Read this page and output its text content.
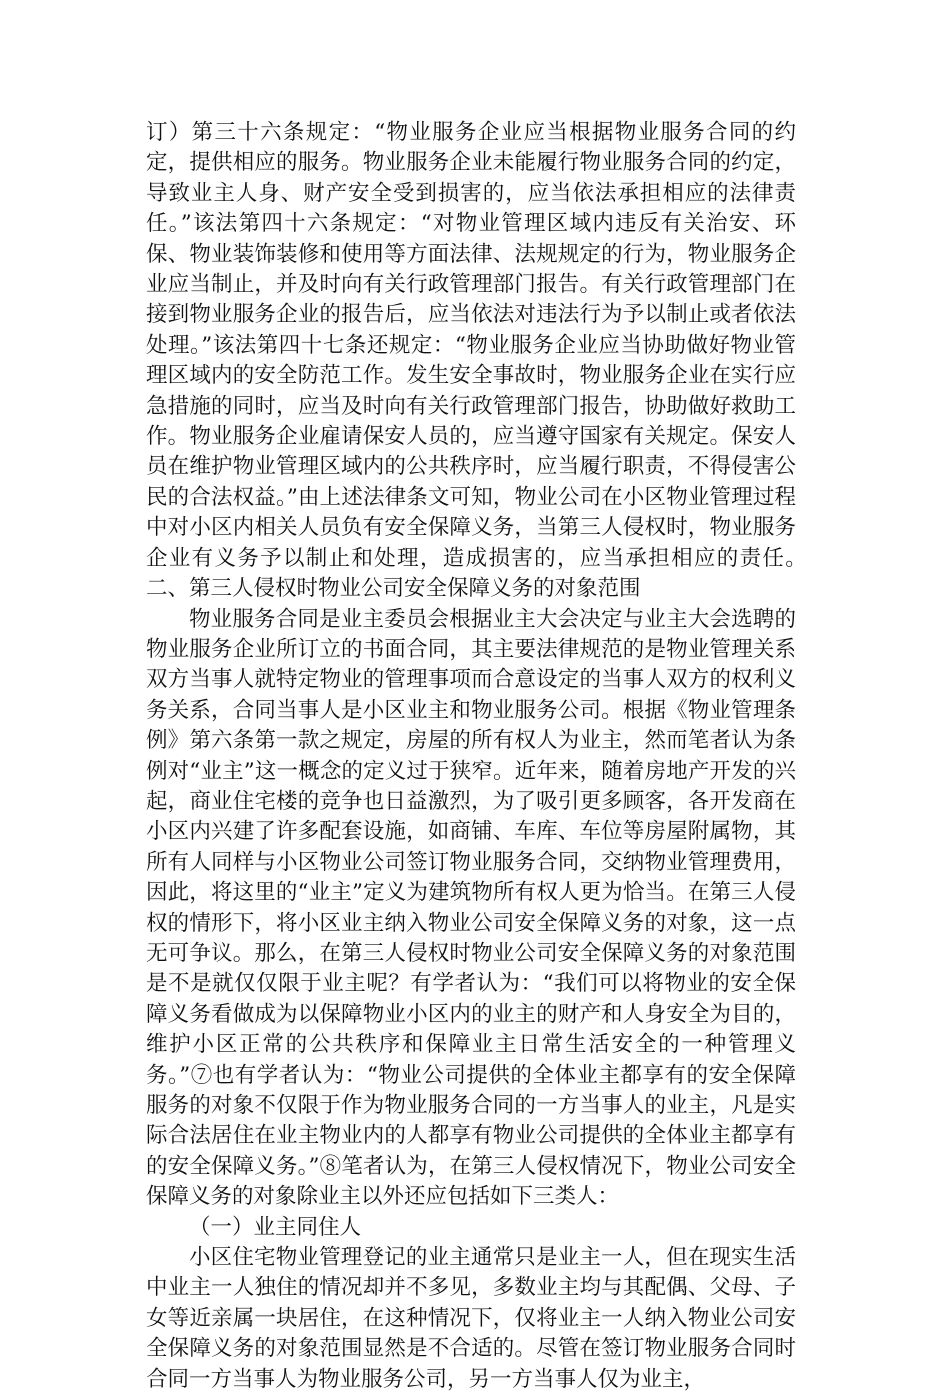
订）第三十六条规定：“物业服务企业应当根据物业服务合同的约定，提供相应的服务。物业服务企业未能履行物业服务合同的约定，导致业主人身、财产安全受到损害的，应当依法承担相应的法律责任。”该法第四十六条规定：“对物业管理区域内违反有关治安、环保、物业装饰装修和使用等方面法律、法规规定的行为，物业服务企业应当制止，并及时向有关行政管理部门报告。有关行政管理部门在接到物业服务企业的报告后，应当依法对违法行为予以制止或者依法处理。”该法第四十七条还规定：“物业服务企业应当协助做好物业管理区域内的安全防范工作。发生安全事故时，物业服务企业在实行应急措施的同时，应当及时向有关行政管理部门报告，协助做好救助工作。物业服务企业雇请保安人员的，应当遵守国家有关规定。保安人员在维护物业管理区域内的公共秩序时，应当履行职责，不得侵害公民的合法权益。”由上述法律条文可知，物业公司在小区物业管理过程中对小区内相关人员负有安全保障义务，当第三人侵权时，物业服务企业有义务予以制止和处理，造成损害的，应当承担相应的责任。　　　　　二、第三人侵权时物业公司安全保障义务的对象范围

物业服务合同是业主委员会根据业主大会决定与业主大会选聘的物业服务企业所订立的书面合同，其主要法律规范的是物业管理关系双方当事人就特定物业的管理事项而合意设定的当事人双方的权利义务关系，合同当事人是小区业主和物业服务公司。根据《物业管理条例》第六条第一款之规定，房屋的所有权人为业主，然而笔者认为条例对“业主”这一概念的定义过于狭窄。近年来，随着房地产开发的兴起，商业住宅楼的竞争也日益激烈，为了吸引更多顾客，各开发商在小区内兴建了许多配套设施，如商铺、车库、车位等房屋附属物，其所有人同样与小区物业公司签订物业服务合同，交纳物业管理费用，因此，将这里的“业主”定义为建筑物所有权人更为恰当。在第三人侵权的情形下，将小区业主纳入物业公司安全保障义务的对象，这一点无可争议。那么，在第三人侵权时物业公司安全保障义务的对象范围是不是就仅仅限于业主呢？有学者认为：“我们可以将物业的安全保障义务看做成为以保障物业小区内的业主的财产和人身安全为目的，维护小区正常的公共秩序和保障业主日常生活安全的一种管理义务。”⑦也有学者认为：“物业公司提供的全体业主都享有的安全保障服务的对象不仅限于作为物业服务合同的一方当事人的业主，凡是实际合法居住在业主物业内的人都享有物业公司提供的全体业主都享有的安全保障义务。”⑧笔者认为，在第三人侵权情况下，物业公司安全保障义务的对象除业主以外还应包括如下三类人：

（一）业主同住人

小区住宅物业管理登记的业主通常只是业主一人，但在现实生活中业主一人独住的情况却并不多见，多数业主均与其配偶、父母、子女等近亲属一块居住，在这种情况下，仅将业主一人纳入物业公司安全保障义务的对象范围显然是不合适的。尽管在签订物业服务合同时合同一方当事人为物业服务公司，另一方当事人仅为业主，
